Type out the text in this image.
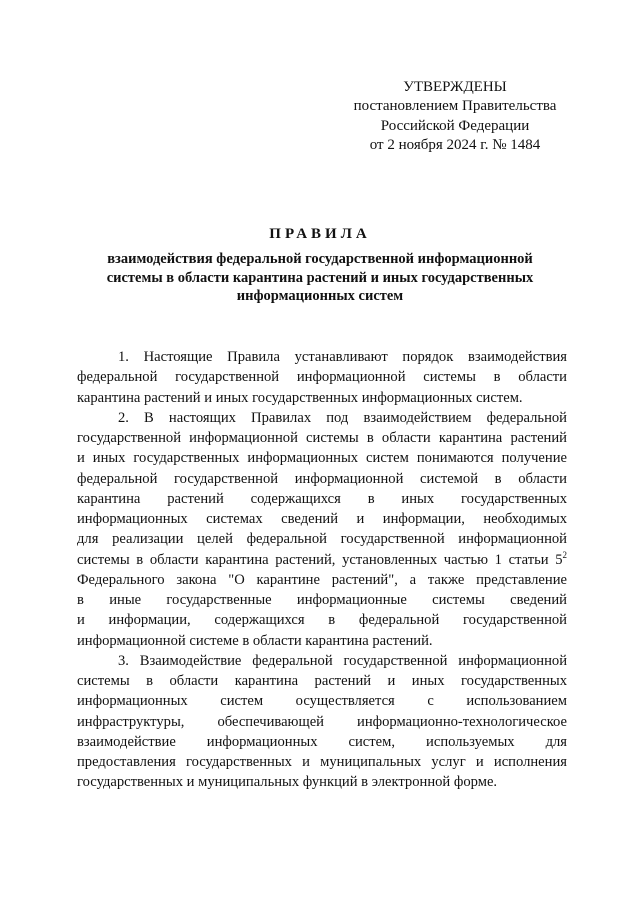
УТВЕРЖДЕНЫ
постановлением Правительства
Российской Федерации
от 2 ноября 2024 г. № 1484
ПРАВИЛА
взаимодействия федеральной государственной информационной
системы в области карантина растений и иных государственных
информационных систем
1. Настоящие Правила устанавливают порядок взаимодействия
федеральной государственной информационной системы в области
карантина растений и иных государственных информационных систем.
2. В настоящих Правилах под взаимодействием федеральной
государственной информационной системы в области карантина растений
и иных государственных информационных систем понимаются получение
федеральной государственной информационной системой в области
карантина растений содержащихся в иных государственных
информационных системах сведений и информации, необходимых
для реализации целей федеральной государственной информационной
системы в области карантина растений, установленных частью 1 статьи $5^2$
Федерального закона "О карантине растений", а также представление
в иные государственные информационные системы сведений
и информации, содержащихся в федеральной государственной
информационной системе в области карантина растений.
3. Взаимодействие федеральной государственной информационной
системы в области карантина растений и иных государственных
информационных систем осуществляется с использованием
инфраструктуры, обеспечивающей информационно-технологическое
взаимодействие информационных систем, используемых для
предоставления государственных и муниципальных услуг и исполнения
государственных и муниципальных функций в электронной форме.
